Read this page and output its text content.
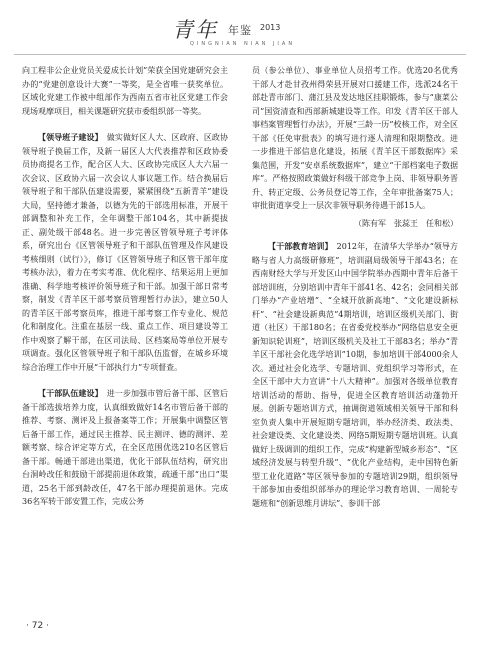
青年 年鉴 2013
QINGNIAN NIAN JIAN

向工程非公企业党员关爱成长计划”荣获全国党建研究会主办的“党建创意设计大赛”一等奖，是全省唯一获奖单位。区域化党建工作被中组部作为西南五省市社区党建工作会现场观摩项目，相关课题研究获市委组织部一等奖。

【领导班子建设】　 做实做好区人大、区政府、区政协领导班子换届工作，及新一届区人大代表推荐和区政协委员协商提名工作，配合区人大、区政协完成区人大六届一次会议、区政协六届一次会议人事议题工作。结合换届后领导班子和干部队伍建设需要，紧紧围绕“五新青羊”建设大局，坚持德才兼备，以德为先的干部选用标准，开展干部调整和补充工作，全年调整干部104名，其中新提拔正、副处级干部48名。进一步完善区管领导班子考评体系，研究出台《区管领导班子和干部队伍管理及作风建设考核细则（试行）》，修订《区管领导班子和区管干部年度考核办法》，着力在考实考准、优化程序、结果运用上更加准确、科学地考核评价领导班子和干部。加强干部日常考察，制发《青羊区干部考察员管理暂行办法》，建立50人的青羊区干部考察员库，推进干部考察工作专业化、规范化和制度化。注重在基层一线、重点工作、项目建设等工作中观察了解干部，在区司法局、区档案局等单位开展专项调查。强化区管领导班子和干部队伍监督，在城乡环境综合治理工作中开展“干部执行力”专项督查。

【干部队伍建设】　 进一步加强市管后备干部、区管后备干部选拔培养力度，认真细致做好14名市管后备干部的推荐、考察、测评及上报备案等工作；开展集中调整区管后备干部工作，通过民主推荐、民主测评、德的测评、差额考察、综合评定等方式，在全区范围优选210名区管后备干部。畅通干部进出渠道，优化干部队伍结构，研究出台洞岭改任和鼓励干部提前退休政策，疏通干部“出口”渠道，25名干部到龄改任，47名干部办理提前退休。完成36名军转干部安置工作，完成公务

员（参公单位）、事业单位人员招考工作。优选20名优秀干部人才赴甘孜州得荣县开展对口援建工作，选派24名干部赴青市部门、蒲江县及发达地区挂职锻炼，参与“康菜公司”国资清查和西部新城建设等工作。印发《青羊区干部人事档案管理暂行办法》，开展“三龄一历”校核工作，对全区干部《任免审批表》的填写进行逐人清理和限期整改。进一步推进干部信息化建设，拓展《青羊区干部数据库》采集范围，开发“安卓系统数据库”，建立“干部档案电子数据库”。严格按照政策做好科级干部竞争上岗、非领导职务晋升、转正定级、公务员登记等工作，全年审批备案75人；审批街道享受上一层次非领导职务待遇干部15人。

（陈有军　张蕊王　任和松）

【干部教育培训】　 2012年，在清华大学举办“领导方略与省人力高级研修班”，培训副局级领导干部43名；在西南财经大学与开发区山中国学院举办西期中青年后备干部培训班，分别培训中青年干部41名、42名；会同相关部门举办“产业培增”、“全城开放新高地”、“文化建设新标杆”、“社会建设新典范”4期培训，培训区级机关部门、街道（社区）干部180名；在省委党校举办“网络信息安全更新知识轮训班”，培训区级机关及社工干部83名；举办“青羊区干部社会化选学培训”10期，参加培训干部4000余人次。通过社会化选学、专题培训、党组织学习等形式，在全区干部中大力宣讲“十八大精神”。加强对各级单位教育培训活动的帮助、指导，促进全区教育培训活动蓬勃开展。创新专题培训方式，抽调街道领域相关领导干部和科室负责人集中开展短期专题培训，举办经济类、政法类、社会建设类、文化建设类、网络5期短期专题培训班。认真做好上级调训的组织工作，完成“构建新型城乡形态”、“区域经济发展与转型升级”、“优化产业结构，走中国特色新型工业化道路”等区领导参加的专题培训29期，组织领导干部参加由委组织部举办的理论学习教育培训、一周轮专题班和“创新思维月讲坛”、参训干部

· 72 ·
